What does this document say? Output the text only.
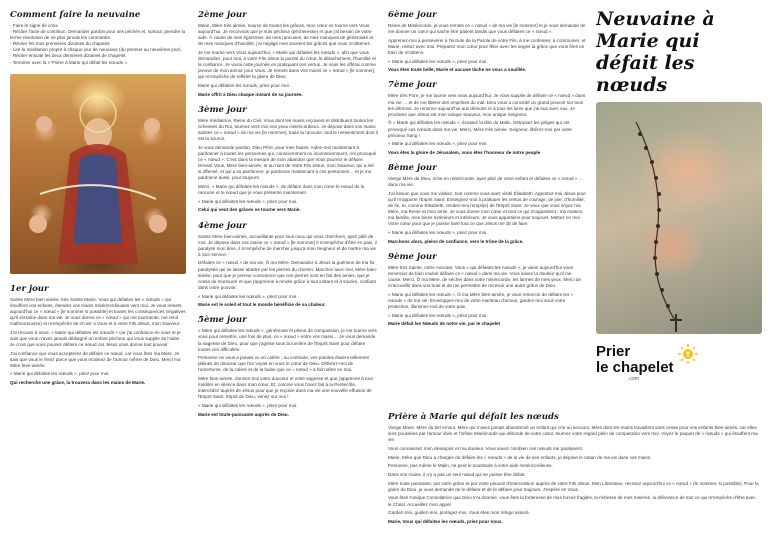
Comment faire la neuvaine
- Faire le signe de croix
- Réciter l'acte de contrition. Demander pardon pour ses péchés et, surtout, prendre la ferme résolution de ne plus jamais les commettre.
- Réciter les trois premières dizaines du chapelet.
- Lire la méditation propre à chaque jour de neuvaine (du premier au neuvième jour).
- Réciter ensuite les deux dernières dizaines de chapelet.
- Terminer avec la « Prière à Marie qui défait les nœuds ».
1er jour
Sainte Mère bien aimée, très Sainte Marie, Vous qui défaites les « nœuds » qui étouffent vos enfants, étendez vos mains miséricordieuses vers moi. Je vous remets aujourd'hui ce « nœud » [le nommer si possible] et toutes les conséquences négatives qu'il entraîne dans ma vie. Je vous donne ce « nœud » qui me tourmente, me rend malheureux(se) et m'empêche de m'unir à Vous et à votre Fils Jésus, mon Sauveur.
J'ai recours à Vous, « Marie qui défaites les nœuds » car j'ai confiance en vous et je sais que vous n'avez jamais dédaigné un enfant pécheur qui vous supplie de l'aider. Je crois que vous pouvez défaire ce nœud car Jésus vous donne tout pouvoir.
J'ai confiance que vous accepterez de défaire ce nœud, car vous êtes ma Mère. Je sais que vous le ferez parce que vous m'aimez de l'amour même de Dieu. Merci ma Mère bien-aimée.
« Marie qui défaites les nœuds », priez pour moi.
Qui recherche une grâce, la trouvera dans les mains de Marie.
2ème jour
Marie, Mère très aimée, source de toutes les grâces, mon cœur se tourne vers Vous aujourd'hui. Je reconnais que je suis pécheur (pécheresse) et que j'ai besoin de votre aide. À cause de mes égoïsmes, de mes rancunes, de mes manques de générosité et de mes manques d'humilité, j'ai négligé mes souvent les grâces que vous m'obtenez.
Je me tourne vers Vous aujourd'hui, « Marie qui défaites les nœuds », afin que vous demandiez, pour moi, à votre Fils Jésus la pureté du cœur, le détachement, l'humilité et la confiance. Je vivrai cette journée en pratiquant ces vertus. Je vous les offrirai comme preuve de mon amour pour Vous. Je remets dans Vos mains ce « nœud » [le nommer], qui m'empêche de refléter la gloire de Dieu.
Marie qui défaites les nœuds, priez pour moi.
Marie offrit à Dieu chaque instant de sa journée.
3ème jour
Mère médiatrice, Reine du Ciel, Vous dont les mains reçoivent et distribuent toutes les richesses du Roi, tournez vers moi vos yeux miséricordieux. Je dépose dans vos mains saintes ce « nœud » de ma vie [le nommer], toute la rancune, tout le ressentiment dont il est la source.
Je vous demande pardon, Dieu Père, pour mes fautes. Aidez-moi maintenant à pardonner à toutes les personnes qui, consciemment ou inconsciemment, ont provoqué ce « nœud ». C'est dans la mesure de mon abandon que Vous pourrez le défaire. Devant Vous, Mère bien-aimée, et au nom de Votre Fils Jésus, mon Sauveur, qui a été si offensé, et qui a su pardonner, je pardonne maintenant à ces personnes… et je me pardonne aussi, pour toujours.
Merci, « Marie qui défaites les nœuds », de défaire dans mon cœur le nœud de la rancune et le nœud que je vous présente maintenant.
« Marie qui défaites les nœuds », priez pour moi.
Celui qui veut des grâces se tourne vers Marie.
4ème jour
Sainte Mère bien-aimée, accueillante pour tous ceux qui vous cherchent, ayez pitié de moi. Je dépose dans vos mains ce « nœud » [le nommer] Il m'empêche d'être en paix, il paralyse mon âme, il m'empêche de marcher jusqu'à mon Seigneur et de mettre ma vie à Son service.
Défaites ce « nœud » de ma vie, Ô ma Mère. Demandez à Jésus la guérison de ma foi paralysée qui se laisse abattre par les pierres du chemin. Marchez avec moi, Mère bien-aimée, pour que je prenne conscience que ces pierres sont en fait des amies, que je cesse de murmurer et que j'apprenne à rendre grâce à tout instant et à sourire, confiant dans votre pouvoir.
« Marie qui défaites les nœuds », priez pour moi.
Marie est le soleil et tout le monde bénéficie de sa chaleur.
5ème jour
« Mère qui défaites les nœuds », généreuse et pleine de compassion, je me tourne vers vous pour remettre, une fois de plus, ce « nœud » entre vos mains… Je vous demande la sagesse de Dieu, pour que j'agisse sous la lumière de l'Esprit Saint pour défaire toutes ces difficultés.
Personne ne vous a jamais vu en colère ; au contraire, vos paroles étaient tellement pleines de douceur que l'on voyait en vous le cœur de Dieu. Délivrez-moi de l'amertume, de la colère et de la haine que ce « nœud » a fait naître en moi.
Mère bien-aimée, donnez-moi votre douceur et votre sagesse et que j'apprenne à tout méditer en silence dans mon cœur. Et, comme vous l'avez fait à la Pentecôte, intercédez auprès de Jésus pour que je reçoive dans ma vie une nouvelle effusion de l'Esprit Saint. Esprit de Dieu, venez sur moi !
« Marie qui défaites les nœuds », priez pour moi.
Marie est toute-puissante auprès de Dieu.
6ème jour
Reine de Miséricorde, je vous remets ce « nœud » de ma vie [le nommer] et je vous demande de me donner un cœur qui sache être patient tandis que vous défaites ce « nœud ».
Apprenez-moi à persévérer à l'écoute de la Parole de votre Fils, à me confesser, à communier, et Marie, restez avec moi. Préparez mon cœur pour fêter avec les anges la grâce que vous êtes en train de m'obtenir.
« Marie qui défaites les nœuds », priez pour moi.
Vous êtes toute belle, Marie et aucune tâche ne vous a souillée.
7ème jour
Mère très Pure, je me tourne vers vous aujourd'hui. Je vous supplie de défaire ce « nœud » dans ma vie … et de me libérer des emprises du mal. Dieu vous a concédé un grand pouvoir sur tous les démons. Je renonce aujourd'hui aux démons et à tous les liens que j'ai eus avec eux. Je proclame que Jésus est mon unique Sauveur, mon unique Seigneur.
Ô « Marie qui défaites les nœuds », écrasez la tête du Malin. Détruisez les pièges qui ont provoqué ces nœuds dans ma vie. Merci, Mère très aimée. Seigneur, libérez-moi par votre précieux Sang !
« Marie qui défaites les nœuds », priez pour moi.
Vous êtes la gloire de Jérusalem, vous êtes l'honneur de notre peuple
8ème jour
Vierge Mère de Dieu, riche en miséricorde, ayez pitié de votre enfant et défaites ce « nœud » … dans ma vie.
J'ai besoin que vous me visitiez, tout comme vous avez visité Élisabeth. Apportez-moi Jésus pour qu'il m'apporte l'Esprit Saint. Enseignez-moi à pratiquer les vertus de courage, de joie, d'humilité, de foi, et, comme Élisabeth, rendez-moi rempli(e) de l'Esprit Saint. Je veux que vous soyez ma Mère, ma Reine et mon amie. Je vous donne mon cœur et tout ce qui m'appartient : ma maison, ma famille, mes biens extérieurs et intérieurs. Je vous appartiens pour toujours. Mettez en moi Votre cœur pour que je puisse faire tout ce que Jésus me dit de faire.
« Marie qui défaites les nœuds », priez pour moi.
Marchons alors, pleins de confiance, vers le trône de la grâce.
9ème jour
Mère très Sainte, notre Avocate, Vous « qui défaites les nœuds », je viens aujourd'hui vous remercier de bien vouloir défaire ce « nœud » dans ma vie. Vous savez la douleur qu'il me cause. Merci, Ô ma Mère, de sécher dans votre miséricorde, les larmes de mes yeux. Merci de m'accueillir dans vos bras et de me permettre de recevoir une autre grâce de Dieu.
« Marie qui défaites les nœuds », Ô ma Mère bien-aimée, je vous remercie de défaire les « nœuds » de ma vie. Enveloppez-moi de votre manteau d'amour, gardez-moi sous votre protection, illuminez-moi de votre paix.
« Marie qui défaites les nœuds », priez pour moi.
Marie défait les Nœuds de notre vie, par le chapelet
Neuvaine à Marie qui défait les nœuds
Prier
le chapelet
.com
Prière à Marie qui défait les nœuds
Vierge Marie, Mère du bel Amour, Mère qui n'avez jamais abandonné un enfant qui crie au secours, Mère dont les mains travaillent sans cesse pour vos enfants bien-aimés, car elles sont poussées par l'amour divin et l'infinie Miséricorde qui déborde de votre cœur, tournez votre regard plein de compassion vers moi. Voyez le paquet de « nœuds » qui étouffent ma vie.
Vous connaissez mon désespoir et ma douleur. Vous savez combien ces nœuds me paralysent.
Marie, Mère que Dieu a chargée de défaire les « nœuds » de la vie de ses enfants, je dépose le ruban de ma vie dans vos mains.
Personne, pas même le Malin, ne peut le soustraire à votre aide miséricordieuse.
Dans vos mains, il n'y a pas un seul nœud qui ne puisse être défait.
Mère toute puissante, par votre grâce et par votre pouvoir d'intercession auprès de votre Fils Jésus, Mon Libérateur, recevez aujourd'hui ce « nœud » (le nommer, si possible). Pour la gloire de Dieu, je vous demande de le défaire et de le défaire pour toujours. J'espère en Vous.
Vous êtes l'unique Consolatrice que Dieu m'a donnée, vous êtes la forteresse de mes forces fragiles, la richesse de mes misères, la délivrance de tout ce qui m'empêche d'être avec le Christ. Accueillez mon appel.
Gardez-moi, guidez-moi, protégez-moi. Vous êtes mon refuge assuré.
Marie, Vous qui défaites les nœuds, priez pour nous.
